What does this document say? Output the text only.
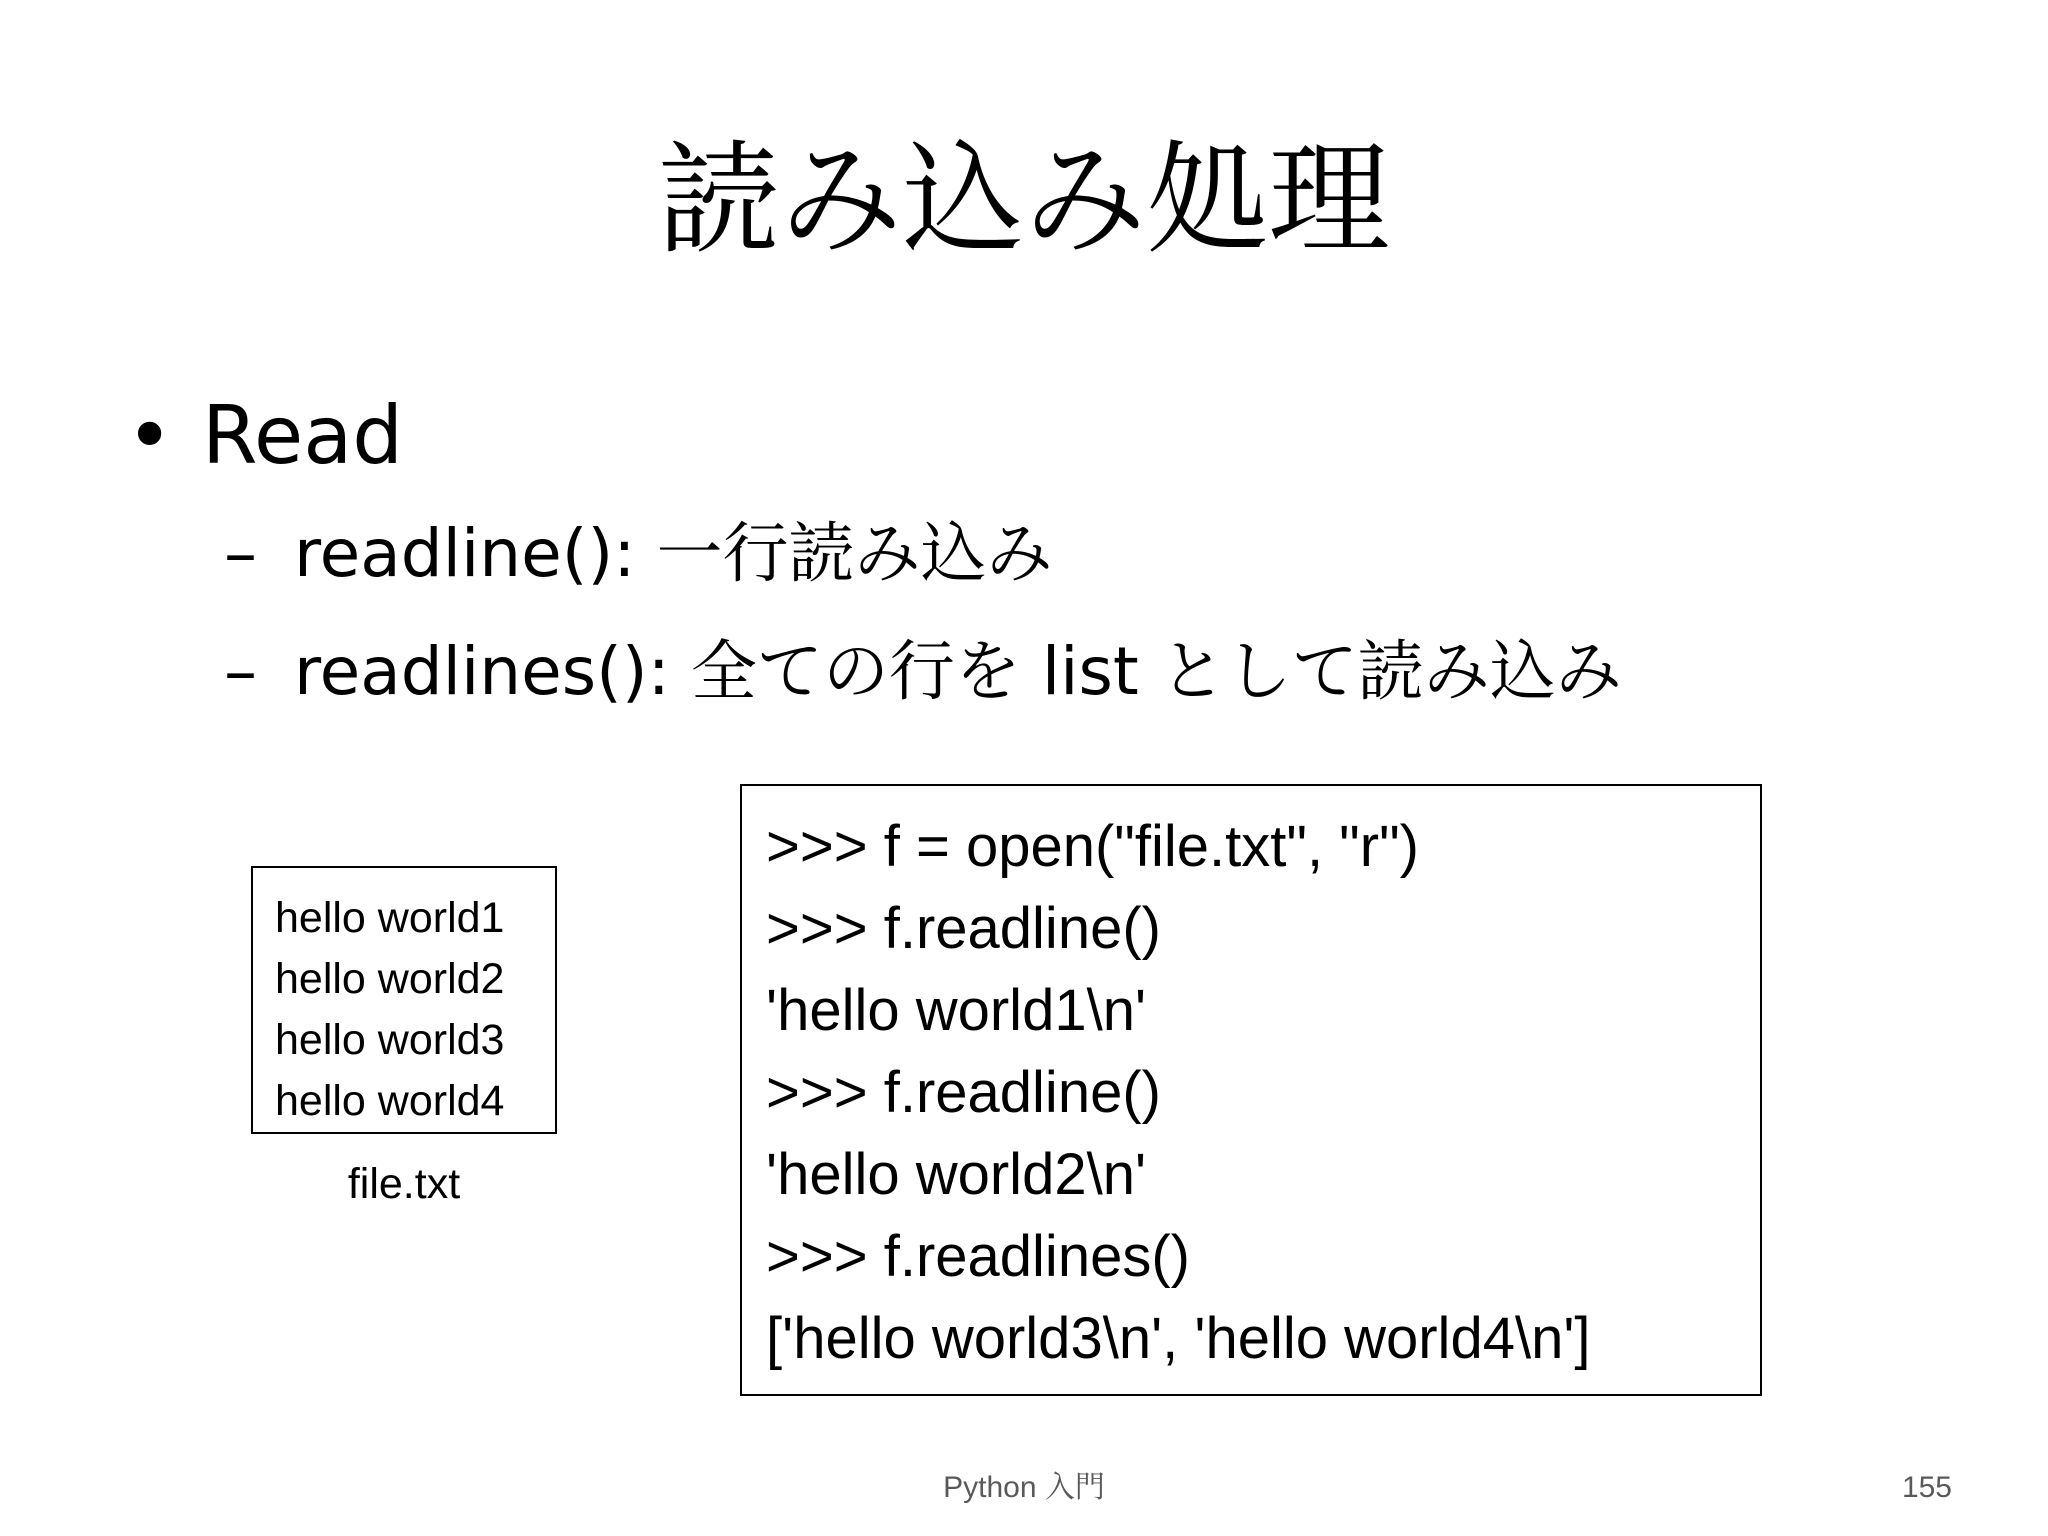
読み込み処理
• Read
– readline(): 一行読み込み
– readlines(): 全ての行を list として読み込み
hello world1
hello world2
hello world3
hello world4
file.txt
>>> f = open("file.txt", "r")
>>> f.readline()
'hello world1\n'
>>> f.readline()
'hello world2\n'
>>> f.readlines()
['hello world3\n', 'hello world4\n']
Python 入門	155
